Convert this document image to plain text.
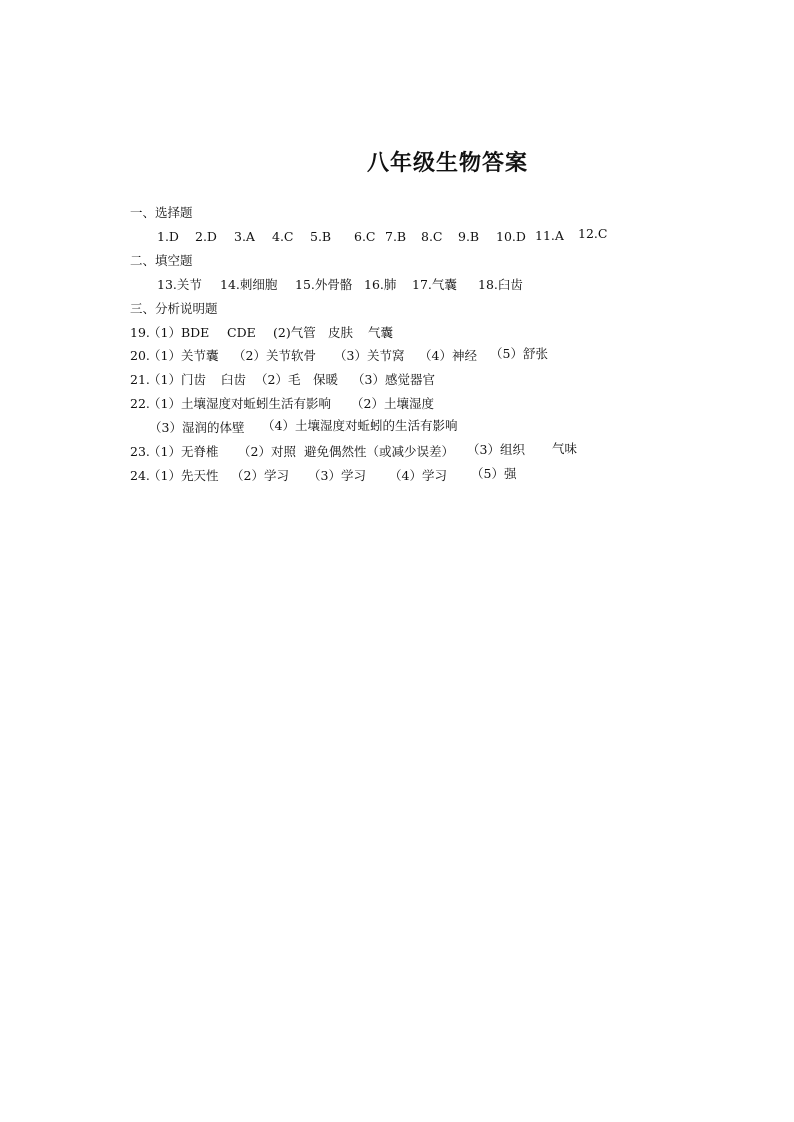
八年级生物答案
一、选择题
1.D 2.D 3.A 4.C 5.B 6.C 7.B 8.C 9.B 10.D 11.A 12.C
二、填空题
13.关节 14.刺细胞 15.外骨骼 16.肺 17.气囊 18.臼齿
三、分析说明题
19.
（1）BDE CDE (2)气管 皮肤 气囊
20.
（1）关节囊 （2）关节软骨 （3）关节窝 （4）神经 （5）舒张
21.
（1）门齿 臼齿 （2）毛 保暖 （3）感觉器官
22.
（1）土壤湿度对蚯蚓生活有影响 （2）土壤湿度
（3）湿润的体壁 （4）土壤湿度对蚯蚓的生活有影响
23.
（1）无脊椎 （2）对照 避免偶然性（或减少误差） （3）组织 气味
24.
（1）先天性 （2）学习 （3）学习 （4）学习 （5）强
